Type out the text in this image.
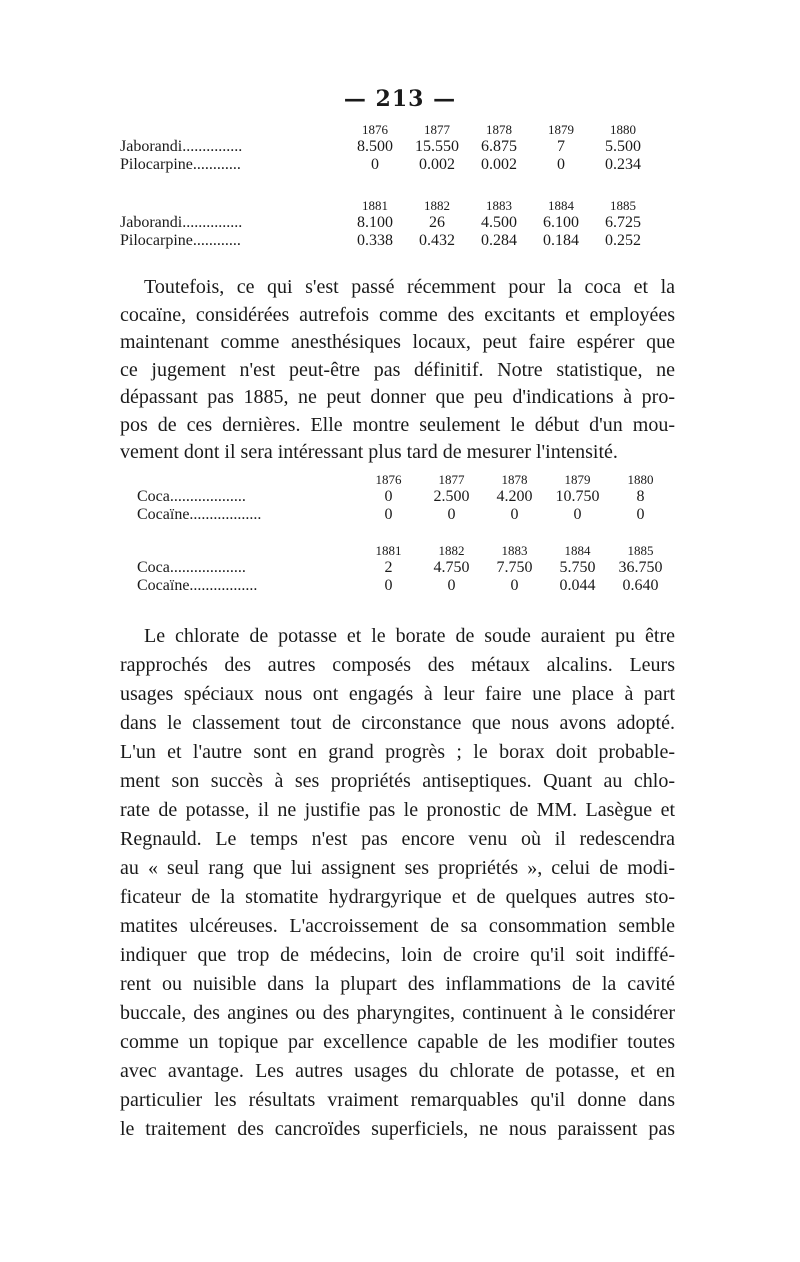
— 213 —
	1876	1877	1878	1879	1880
Jaborandi...............	8.500	15.550	6.875	7	5.500
Pilocarpine............	0	0.002	0.002	0	0.234
	1881	1882	1883	1884	1885
Jaborandi...............	8.100	26	4.500	6.100	6.725
Pilocarpine............	0.338	0.432	0.284	0.184	0.252
Toutefois, ce qui s'est passé récemment pour la coca et la
cocaïne, considérées autrefois comme des excitants et employées
maintenant comme anesthésiques locaux, peut faire espérer que
ce jugement n'est peut-être pas définitif. Notre statistique, ne
dépassant pas 1885, ne peut donner que peu d'indications à pro-
pos de ces dernières. Elle montre seulement le début d'un mou-
vement dont il sera intéressant plus tard de mesurer l'intensité.
	1876	1877	1878	1879	1880
Coca...................	0	2.500	4.200	10.750	8
Cocaïne..................	0	0	0	0	0
	1881	1882	1883	1884	1885
Coca...................	2	4.750	7.750	5.750	36.750
Cocaïne.................	0	0	0	0.044	0.640
Le chlorate de potasse et le borate de soude auraient pu être
rapprochés des autres composés des métaux alcalins. Leurs
usages spéciaux nous ont engagés à leur faire une place à part
dans le classement tout de circonstance que nous avons adopté.
L'un et l'autre sont en grand progrès ; le borax doit probable-
ment son succès à ses propriétés antiseptiques. Quant au chlo-
rate de potasse, il ne justifie pas le pronostic de MM. Lasègue et
Regnauld. Le temps n'est pas encore venu où il redescendra
au « seul rang que lui assignent ses propriétés », celui de modi-
ficateur de la stomatite hydrargyrique et de quelques autres sto-
matites ulcéreuses. L'accroissement de sa consommation semble
indiquer que trop de médecins, loin de croire qu'il soit indiffé-
rent ou nuisible dans la plupart des inflammations de la cavité
buccale, des angines ou des pharyngites, continuent à le considérer
comme un topique par excellence capable de les modifier toutes
avec avantage. Les autres usages du chlorate de potasse, et en
particulier les résultats vraiment remarquables qu'il donne dans
le traitement des cancroïdes superficiels, ne nous paraissent pas
